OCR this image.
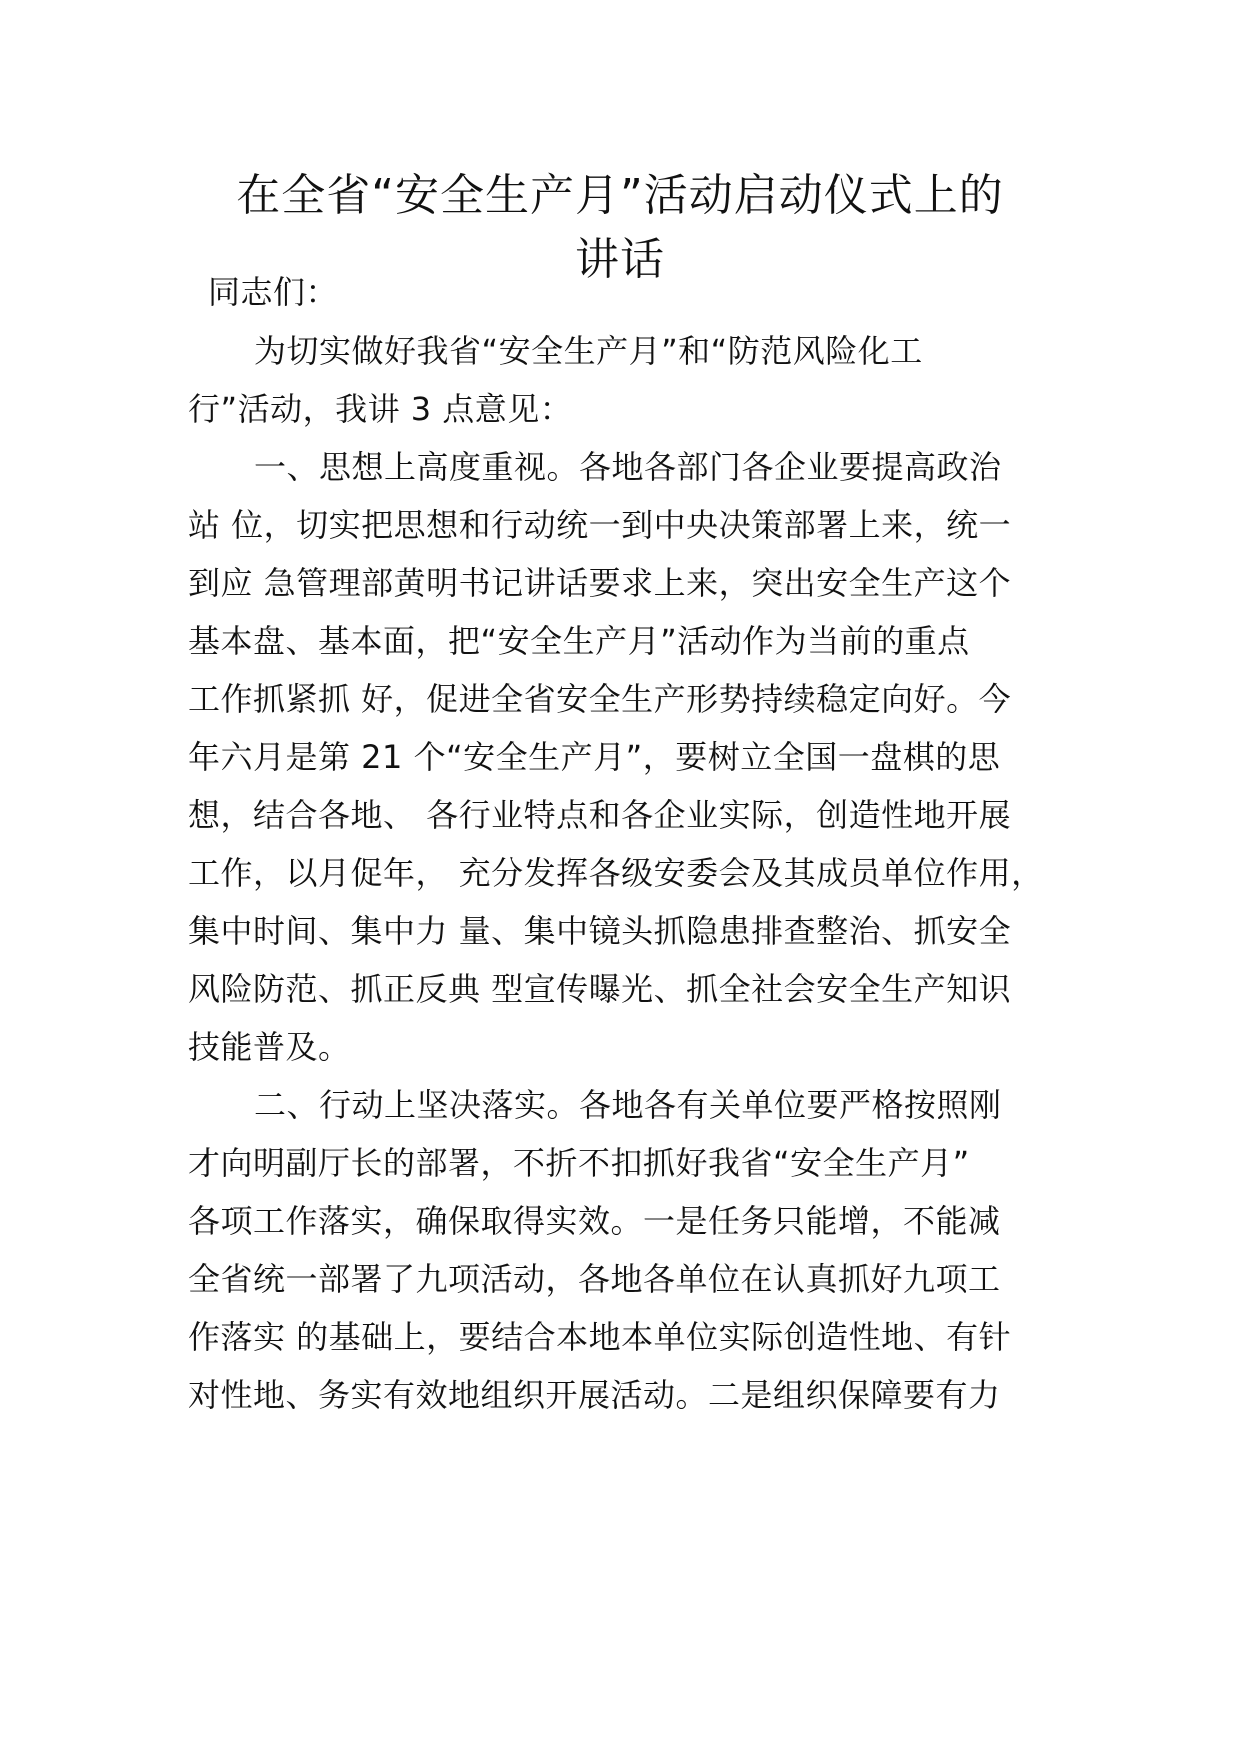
在全省“安全生产月”活动启动仪式上的
讲话
同志们：
为切实做好我省“安全生产月”和“防范风险化工
行”活动，我讲 3 点意见：
一、思想上高度重视。各地各部门各企业要提高政治
站 位，切实把思想和行动统一到中央决策部署上来，统一
到应 急管理部黄明书记讲话要求上来，突出安全生产这个
基本盘、基本面，把“安全生产月”活动作为当前的重点
工作抓紧抓 好，促进全省安全生产形势持续稳定向好。今
年六月是第 21 个“安全生产月”，要树立全国一盘棋的思
想，结合各地、 各行业特点和各企业实际，创造性地开展
工作，以月促年， 充分发挥各级安委会及其成员单位作用，
集中时间、集中力 量、集中镜头抓隐患排查整治、抓安全
风险防范、抓正反典 型宣传曝光、抓全社会安全生产知识
技能普及。
二、行动上坚决落实。各地各有关单位要严格按照刚
才向明副厅长的部署，不折不扣抓好我省“安全生产月”
各项工作落实，确保取得实效。一是任务只能增，不能减
全省统一部署了九项活动，各地各单位在认真抓好九项工
作落实 的基础上，要结合本地本单位实际创造性地、有针
对性地、务实有效地组织开展活动。二是组织保障要有力
